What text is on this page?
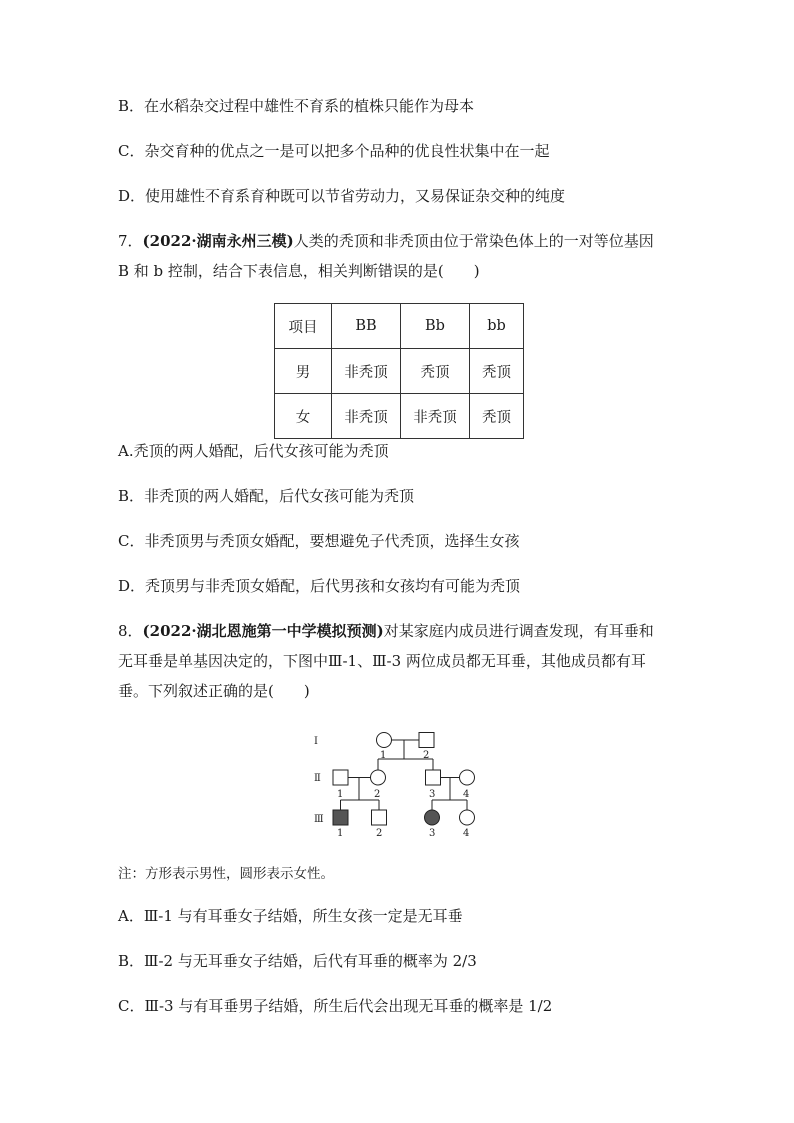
B．在水稻杂交过程中雄性不育系的植株只能作为母本
C．杂交育种的优点之一是可以把多个品种的优良性状集中在一起
D．使用雄性不育系育种既可以节省劳动力，又易保证杂交种的纯度
7．(2022·湖南永州三模)人类的秃顶和非秃顶由位于常染色体上的一对等位基因
B 和 b 控制，结合下表信息，相关判断错误的是(　　)
项目	BB	Bb	bb
男	非秃顶	秃顶	秃顶
女	非秃顶	非秃顶	秃顶
A.秃顶的两人婚配，后代女孩可能为秃顶
B．非秃顶的两人婚配，后代女孩可能为秃顶
C．非秃顶男与秃顶女婚配，要想避免子代秃顶，选择生女孩
D．秃顶男与非秃顶女婚配，后代男孩和女孩均有可能为秃顶
8．(2022·湖北恩施第一中学模拟预测)对某家庭内成员进行调查发现，有耳垂和
无耳垂是单基因决定的，下图中Ⅲ-1、Ⅲ-3 两位成员都无耳垂，其他成员都有耳
垂。下列叙述正确的是(　　)
Ⅰ
Ⅱ
Ⅲ
1	2
1	2	3	4
1	2	3	4
注：方形表示男性，圆形表示女性。
A．Ⅲ-1 与有耳垂女子结婚，所生女孩一定是无耳垂
B．Ⅲ-2 与无耳垂女子结婚，后代有耳垂的概率为 2/3
C．Ⅲ-3 与有耳垂男子结婚，所生后代会出现无耳垂的概率是 1/2
